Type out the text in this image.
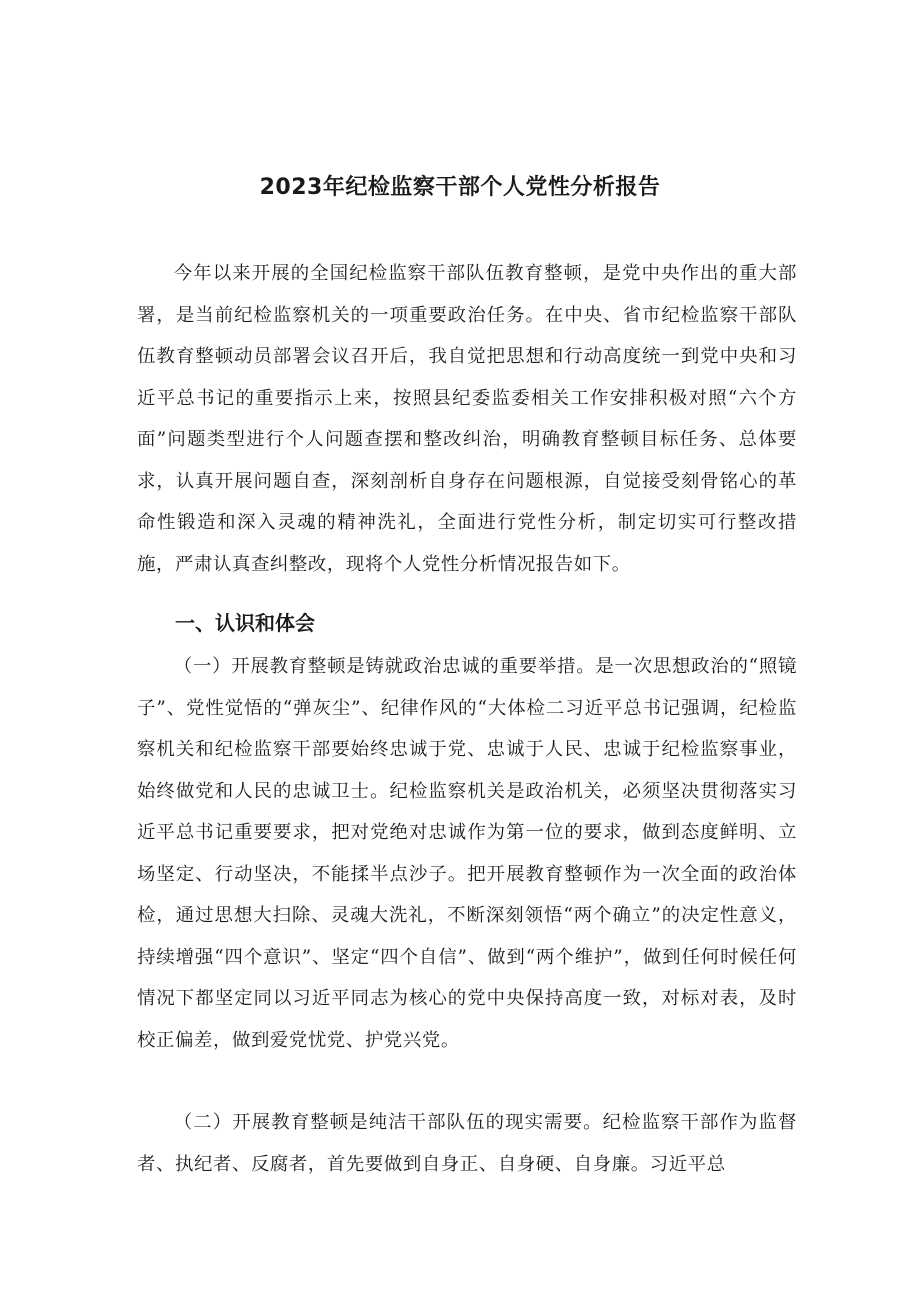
2023年纪检监察干部个人党性分析报告

今年以来开展的全国纪检监察干部队伍教育整顿，是党中央作出的重大部署，是当前纪检监察机关的一项重要政治任务。在中央、省市纪检监察干部队伍教育整顿动员部署会议召开后，我自觉把思想和行动高度统一到党中央和习近平总书记的重要指示上来，按照县纪委监委相关工作安排积极对照“六个方面”问题类型进行个人问题查摆和整改纠治，明确教育整顿目标任务、总体要求，认真开展问题自查，深刻剖析自身存在问题根源，自觉接受刻骨铭心的革命性锻造和深入灵魂的精神洗礼，全面进行党性分析，制定切实可行整改措施，严肃认真查纠整改，现将个人党性分析情况报告如下。

一、认识和体会

（一）开展教育整顿是铸就政治忠诚的重要举措。是一次思想政治的“照镜子”、党性觉悟的“弹灰尘”、纪律作风的“大体检二习近平总书记强调，纪检监察机关和纪检监察干部要始终忠诚于党、忠诚于人民、忠诚于纪检监察事业，始终做党和人民的忠诚卫士。纪检监察机关是政治机关，必须坚决贯彻落实习近平总书记重要要求，把对党绝对忠诚作为第一位的要求，做到态度鲜明、立场坚定、行动坚决，不能揉半点沙子。把开展教育整顿作为一次全面的政治体检，通过思想大扫除、灵魂大洗礼，不断深刻领悟“两个确立”的决定性意义，持续增强“四个意识”、坚定“四个自信”、做到“两个维护”，做到任何时候任何情况下都坚定同以习近平同志为核心的党中央保持高度一致，对标对表，及时校正偏差，做到爱党忧党、护党兴党。

（二）开展教育整顿是纯洁干部队伍的现实需要。纪检监察干部作为监督者、执纪者、反腐者，首先要做到自身正、自身硬、自身廉。习近平总
